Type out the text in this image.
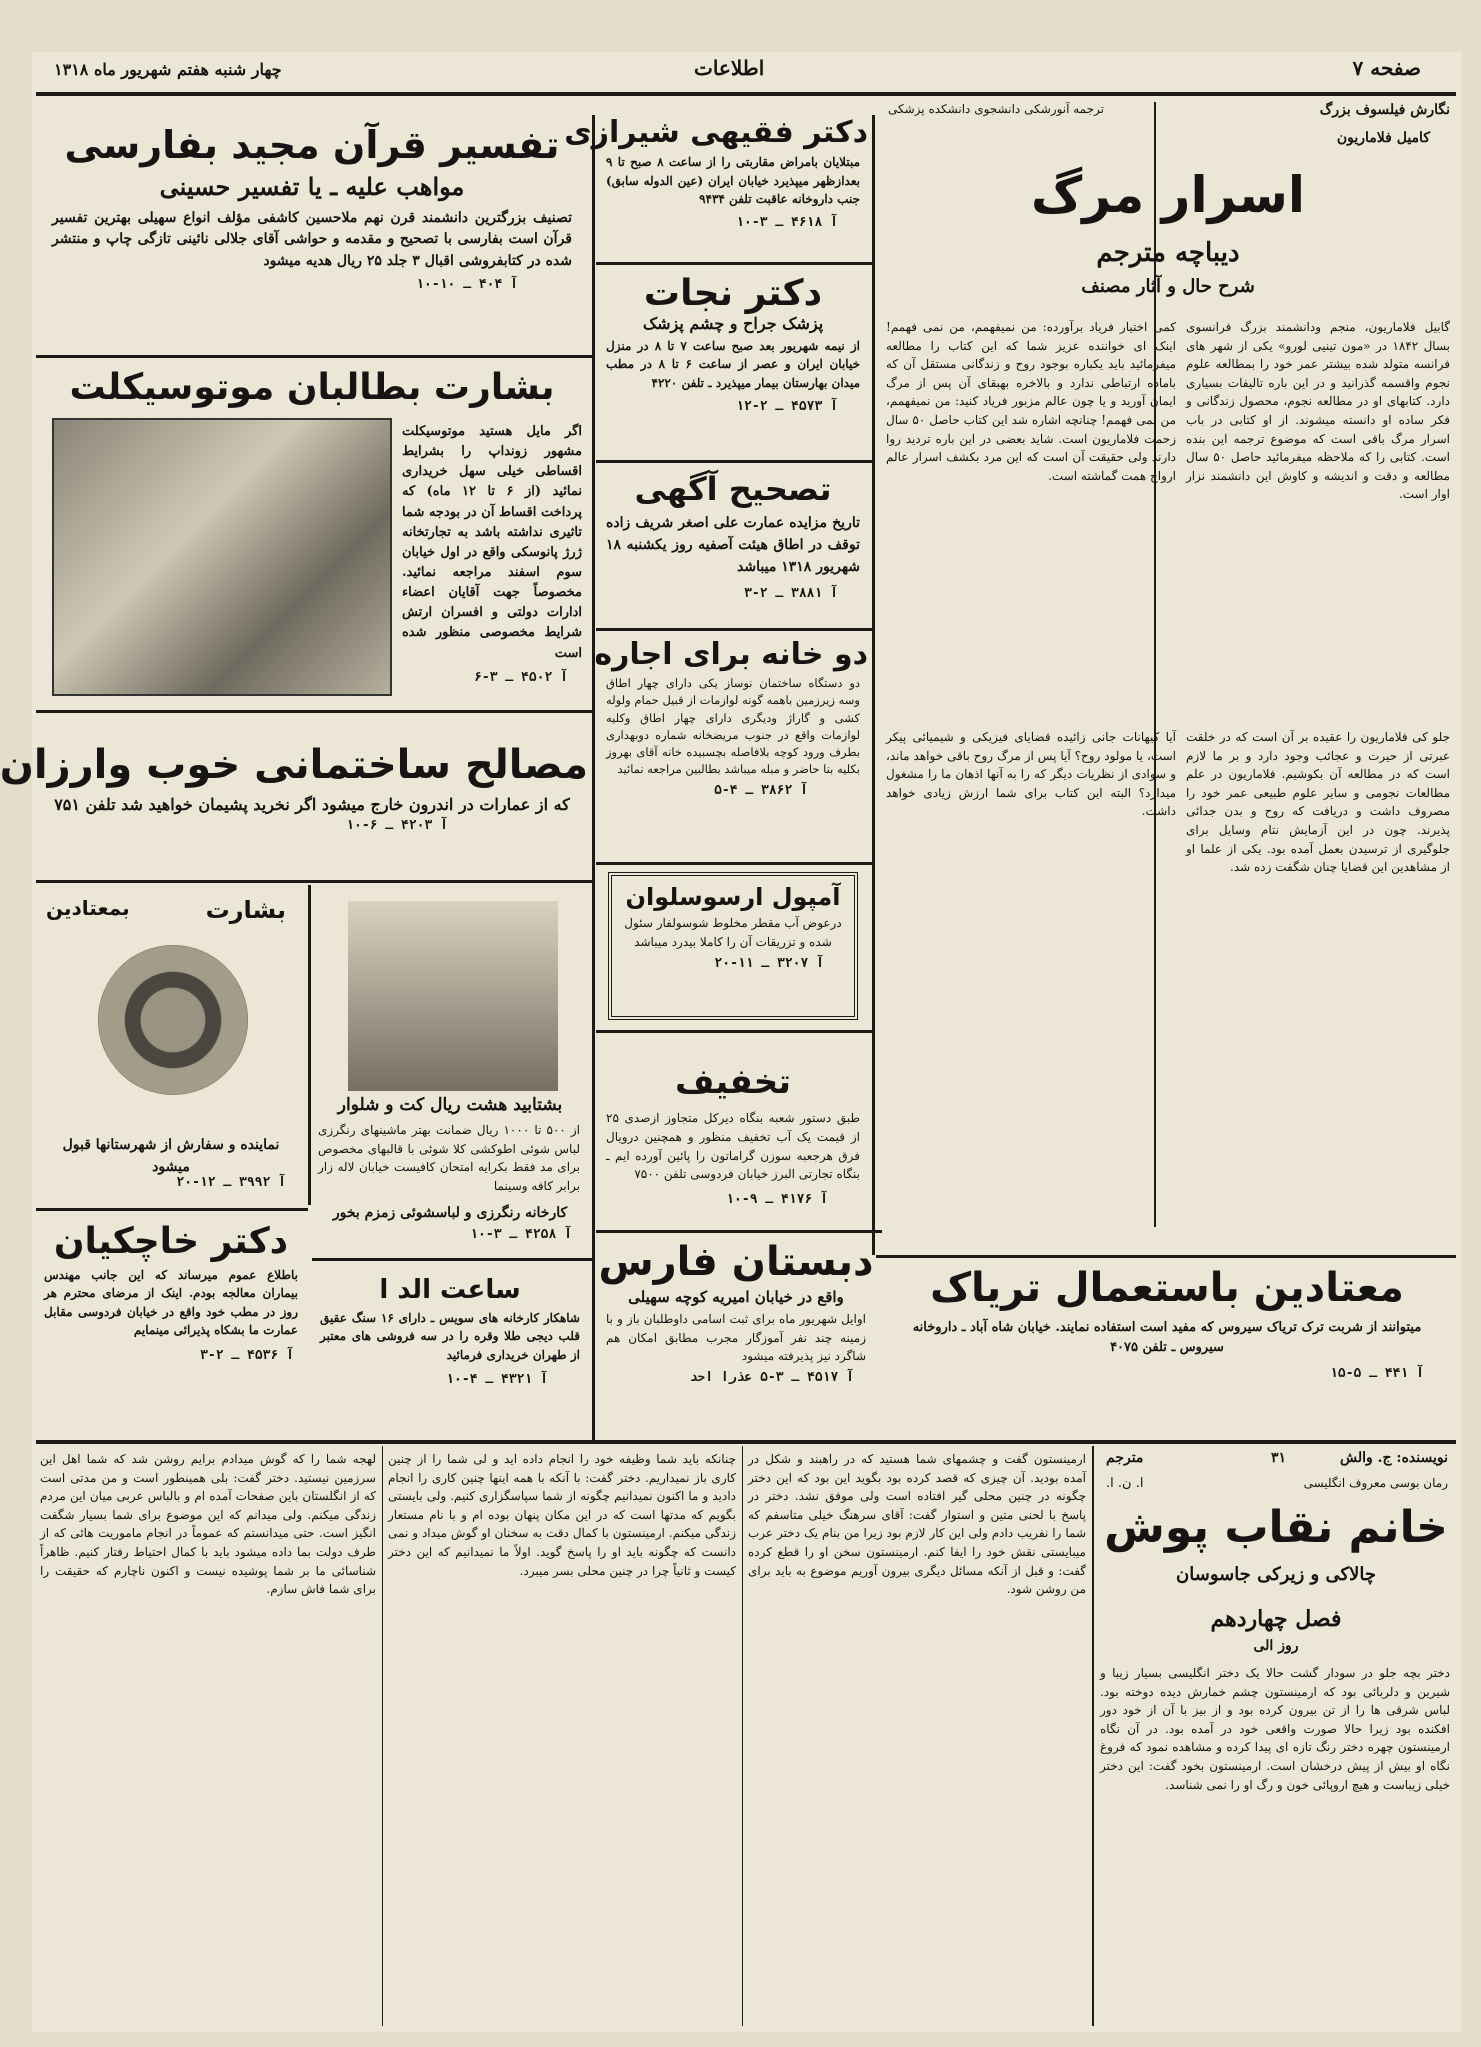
صفحه ۷
اطلاعات
چهار شنبه هفتم شهریور ماه ۱۳۱۸
تفسیر قرآن مجید بفارسی
مواهب علیه ـ یا تفسیر حسینی
تصنیف بزرگترین دانشمند قرن نهم ملاحسین کاشفی مؤلف انواع سهیلی بهترین تفسیر قرآن است بفارسی با تصحیح و مقدمه و حواشی آقای جلالی نائینی تازگی چاپ و منتشر شده در کتابفروشی اقبال ۳ جلد ۲۵ ریال هدیه میشود
آ ۴۰۴ ـ ۱۰-۱۰
بشارت بطالبان موتوسیکلت
اگر مایل هستید موتوسیکلت مشهور زونداپ را بشرایط اقساطی خیلی سهل خریداری نمائید (از ۶ تا ۱۲ ماه) که پرداخت اقساط آن در بودجه شما تاثیری نداشته باشد به تجارتخانه ژرژ پانوسکی واقع در اول خیابان سوم اسفند مراجعه نمائید. مخصوصاً جهت آقایان اعضاء ادارات دولتی و افسران ارتش شرایط مخصوصی منظور شده است
آ ۴۵۰۲ ـ ۳-۶
مصالح ساختمانی خوب وارزان
که از عمارات در اندرون خارج میشود اگر نخرید پشیمان خواهید شد تلفن ۷۵۱
آ ۴۲۰۳ ـ ۶-۱۰
بشارت
بمعتادین
نماینده و سفارش از شهرستانها قبول میشود
آ ۳۹۹۲ ـ ۱۲-۲۰
بشتابید هشت ریال کت و شلوار
از ۵۰۰ تا ۱۰۰۰ ریال ضمانت بهتر ماشینهای رنگرزی لباس شوئی اطوکشی کلا شوئی با قالبهای مخصوص برای مد فقط بکرایه امتحان کافیست خیابان لاله زار برابر کافه وسینما
کارخانه رنگرزی و لباسشوئی زمزم بخور
آ ۴۲۵۸ ـ ۳-۱۰
دکتر خاچکیان
باطلاع عموم میرساند که این جانب مهندس بیماران معالجه بودم. اینک از مرضای محترم هر روز در مطب خود واقع در خیابان فردوسی مقابل عمارت ما بشکاه پذیرائی مینمایم
آ ۴۵۳۶ ـ ۲-۳
ساعت الد ا
شاهکار کارخانه های سویس ـ دارای ۱۶ سنگ عقیق قلب دیجی طلا وقره را در سه فروشی های معتبر از طهران خریداری فرمائید
آ ۴۳۲۱ ـ ۴-۱۰
دکتر فقیهی شیرازی
مبتلایان بامراض مقاربتی را از ساعت ۸ صبح تا ۹ بعدازظهر میپذیرد خیابان ایران (عین الدوله سابق) جنب داروخانه عاقبت تلفن ۹۴۳۴
آ ۴۶۱۸ ـ ۳-۱۰
دکتر نجات
پزشک جراح و چشم پزشک
از نیمه شهریور بعد صبح ساعت ۷ تا ۸ در منزل خیابان ایران و عصر از ساعت ۶ تا ۸ در مطب میدان بهارستان بیمار میپذیرد ـ تلفن ۴۲۲۰
آ ۴۵۷۳ ـ ۲-۱۲
تصحیح آگهی
تاریخ مزایده عمارت علی اصغر شریف زاده توقف در اطاق هیئت آصفیه روز یکشنبه ۱۸ شهریور ۱۳۱۸ میباشد
آ ۳۸۸۱ ـ ۲-۳
دو خانه برای اجاره
دو دستگاه ساختمان نوساز یکی دارای چهار اطاق وسه زیرزمین باهمه گونه لوازمات از قبیل حمام ولوله کشی و گاراژ ودیگری دارای چهار اطاق وکلیه لوازمات واقع در جنوب مریضخانه شماره دوبهداری بطرف ورود کوچه بلافاصله بچسبیده خانه آقای بهروز بکلیه بنا حاضر و مبله میباشد بطالبین مراجعه نمائید
آ ۳۸۶۲ ـ ۴-۵
آمپول ارسوسلوان
درعوض آب مقطر مخلوط شوسولفار سئول شده و تزریقات آن را کاملا بیدرد میباشد
آ ۳۲۰۷ ـ ۱۱-۲۰
تخفیف
طبق دستور شعبه بنگاه دیرکل متجاوز ازصدی ۲۵ از قیمت یک آب تخفیف منظور و همچنین درویال فرق هرجعبه سوزن گراماتون را پائین آورده ایم ـ بنگاه تجارتی البرز خیابان فردوسی تلفن ۷۵۰۰
آ ۴۱۷۶ ـ ۹-۱۰
دبستان فارس
واقع در خیابان امیریه کوچه سهیلی
اوایل شهریور ماه برای ثبت اسامی داوطلبان باز و با زمینه چند نفر آموزگار مجرب مطابق امکان هم شاگرد نیز پذیرفته میشود
آ ۴۵۱۷ ـ ۳-۵ عذرا احد
معتادین باستعمال تریاک
میتوانند از شربت ترک تریاک سیروس که مفید است استفاده نمایند. خیابان شاه آباد ـ داروخانه سیروس ـ تلفن ۴۰۷۵
آ ۴۴۱ ـ ۵-۱۵
نگارش فیلسوف بزرگ
کامیل فلاماریون
ترجمه آنورشکی دانشجوی دانشکده پزشکی
اسرار مرگ
دیباچه مترجم
شرح حال و آثار مصنف
گابیل فلاماریون، منجم ودانشمند بزرگ فرانسوی بسال ۱۸۴۲ در «مون تینیی لورو» یکی از شهر های فرانسه متولد شده بیشتر عمر خود را بمطالعه علوم نجوم واقسمه گذرانید و در این باره تالیفات بسیاری دارد. کتابهای او در مطالعه نجوم، محصول زندگانی و فکر ساده او دانسته میشوند. از او کتابی در باب اسرار مرگ باقی است که موضوع ترجمه این بنده است. کتابی را که ملاحظه میفرمائید حاصل ۵۰ سال مطالعه و دقت و اندیشه و کاوش این دانشمند نزار اوار است.
جلو کی فلاماریون را عقیده بر آن است که در خلقت عبرتی از حیرت و عجائب وجود دارد و بر ما لازم است که در مطالعه آن بکوشیم. فلاماریون در علم مطالعات نجومی و سایر علوم طبیعی عمر خود را مصروف داشت و دریافت که روح و بدن جدائی پذیرند. چون در این آزمایش نتام وسایل برای جلوگیری از ترسیدن بعمل آمده بود. یکی از علما او از مشاهدین این قضایا چنان شگفت زده شد.
کمی اختیار فریاد برآورده: من نمیفهمم، من نمی فهمم! اینک ای خواننده عزیز شما که این کتاب را مطالعه میفرمائید باید یکباره بوجود روح و زندگانی مستقل آن که باماده ارتباطی ندارد و بالاخره بهبقای آن پس از مرگ ایمان آورید و یا چون عالم مزبور فریاد کنید: من نمیفهمم، من نمی فهمم! چنانچه اشاره شد این کتاب حاصل ۵۰ سال زحمت فلاماریون است. شاید بعضی در این باره تردید روا دارند ولی حقیقت آن است که این مرد بکشف اسرار عالم ارواح همت گماشته است.
آیا کیهانات جانی زائیده قضایای فیزیکی و شیمیائی پیکر است، یا مولود روح؟ آیا پس از مرگ روح باقی خواهد ماند، و سوادی از نظریات دیگر که را به آنها اذهان ما را مشغول میدارد؟ البته این کتاب برای شما ارزش زیادی خواهد داشت.
نویسنده: ج. والش
۳۱
مترجم
ا. ن. ا.	رمان بوسی معروف انگلیسی
خانم نقاب پوش
چالاکی و زیرکی جاسوسان
فصل چهاردهم
روز الی
دختر بچه جلو در سودار گشت حالا یک دختر انگلیسی بسیار زیبا و شیرین و دلربائی بود که ارمینستون چشم خمارش دیده دوخته بود. لباس شرقی ها را از تن بیرون کرده بود و از بیز با آن از خود دور افکنده بود زیرا حالا صورت واقعی خود در آمده بود. در آن نگاه ارمینستون چهره دختر رنگ تازه ای پیدا کرده و مشاهده نمود که فروغ نگاه او بیش از پیش درخشان است. ارمینستون بخود گفت: این دختر خیلی زیباست و هیچ اروپائی خون و رگ او را نمی شناسد.
ارمینستون گفت و چشمهای شما هستید که در راهبند و شکل در آمده بودید. آن چیزی که قصد کرده بود بگوید این بود که این دختر چگونه در چنین محلی گیر افتاده است ولی موفق نشد. دختر در پاسخ با لحنی متین و استوار گفت: آقای سرهنگ خیلی متاسفم که شما را نفریب دادم ولی این کار لازم بود زیرا من بنام یک دختر عرب میبایستی نقش خود را ایفا کنم. ارمینستون سخن او را قطع کرده گفت: و قبل از آنکه مسائل دیگری بیرون آوریم موضوع به باید برای من روشن شود.
چنانکه باید شما وظیفه خود را انجام داده اید و لی شما را از چنین کاری باز نمیداریم. دختر گفت: با آنکه با همه اینها چنین کاری را انجام دادید و ما اکنون نمیدانیم چگونه از شما سپاسگزاری کنیم. ولی بایستی بگویم که مدتها است که در این مکان پنهان بوده ام و با نام مستعار زندگی میکنم. ارمینستون با کمال دقت به سخنان او گوش میداد و نمی دانست که چگونه باید او را پاسخ گوید. اولاً ما نمیدانیم که این دختر کیست و ثانیاً چرا در چنین محلی بسر میبرد.
لهجه شما را که گوش میدادم برایم روشن شد که شما اهل این سرزمین نیستید. دختر گفت: بلی همینطور است و من مدتی است که از انگلستان باین صفحات آمده ام و بالباس عربی میان این مردم زندگی میکنم. ولی میدانم که این موضوع برای شما بسیار شگفت انگیز است. حتی میدانستم که عموماً در انجام ماموریت هائی که از طرف دولت بما داده میشود باید با کمال احتیاط رفتار کنیم. ظاهراً شناسائی ما بر شما پوشیده نیست و اکنون ناچارم که حقیقت را برای شما فاش سازم.
